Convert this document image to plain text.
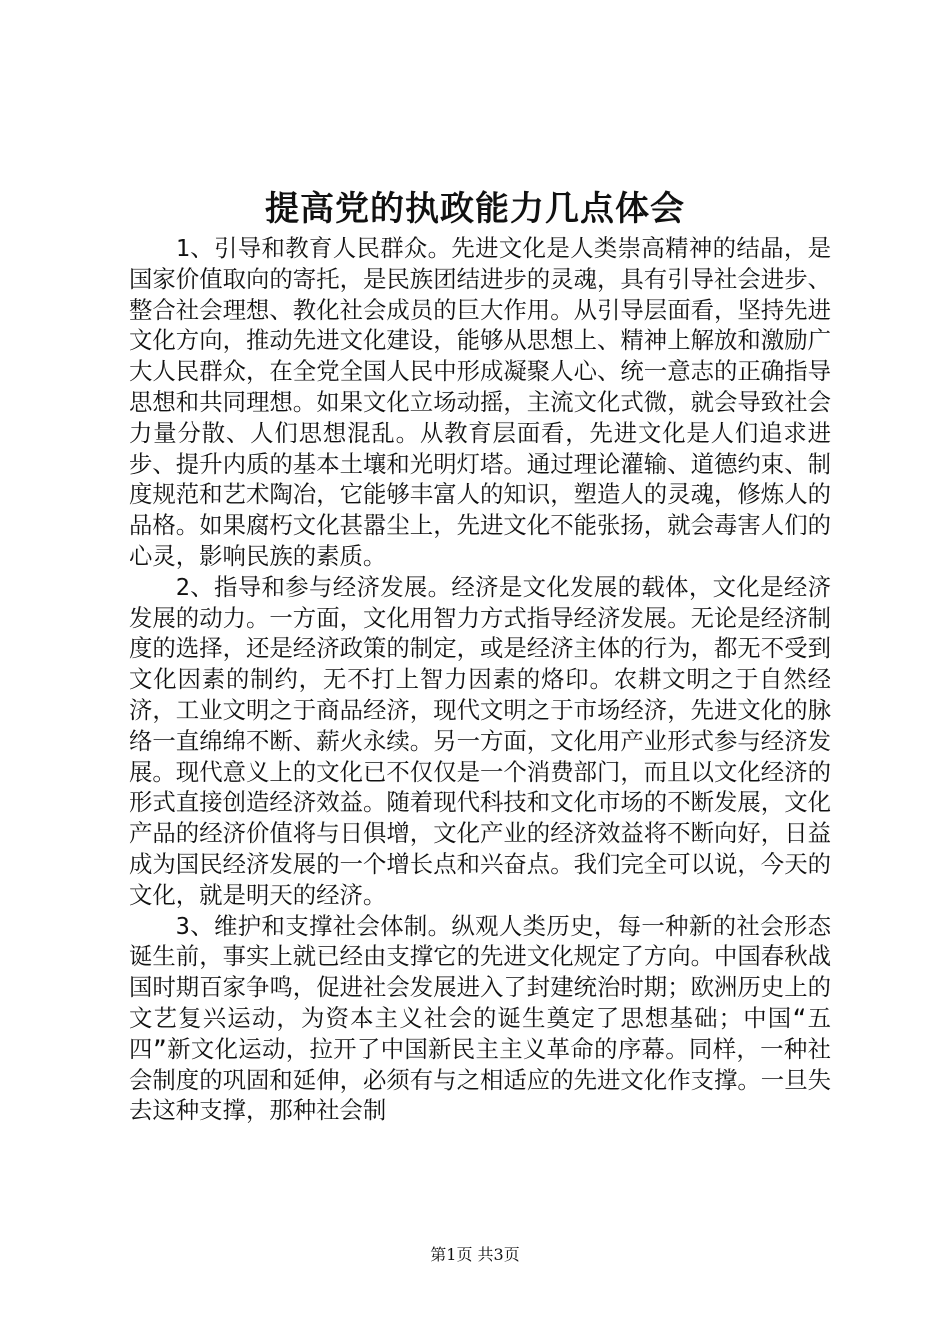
提高党的执政能力几点体会

1、引导和教育人民群众。先进文化是人类崇高精神的结晶，是国家价值取向的寄托，是民族团结进步的灵魂，具有引导社会进步、整合社会理想、教化社会成员的巨大作用。从引导层面看，坚持先进文化方向，推动先进文化建设，能够从思想上、精神上解放和激励广大人民群众，在全党全国人民中形成凝聚人心、统一意志的正确指导思想和共同理想。如果文化立场动摇，主流文化式微，就会导致社会力量分散、人们思想混乱。从教育层面看，先进文化是人们追求进步、提升内质的基本土壤和光明灯塔。通过理论灌输、道德约束、制度规范和艺术陶冶，它能够丰富人的知识，塑造人的灵魂，修炼人的品格。如果腐朽文化甚嚣尘上，先进文化不能张扬，就会毒害人们的心灵，影响民族的素质。

2、指导和参与经济发展。经济是文化发展的载体，文化是经济发展的动力。一方面，文化用智力方式指导经济发展。无论是经济制度的选择，还是经济政策的制定，或是经济主体的行为，都无不受到文化因素的制约，无不打上智力因素的烙印。农耕文明之于自然经济，工业文明之于商品经济，现代文明之于市场经济，先进文化的脉络一直绵绵不断、薪火永续。另一方面，文化用产业形式参与经济发展。现代意义上的文化已不仅仅是一个消费部门，而且以文化经济的形式直接创造经济效益。随着现代科技和文化市场的不断发展，文化产品的经济价值将与日俱增，文化产业的经济效益将不断向好，日益成为国民经济发展的一个增长点和兴奋点。我们完全可以说，今天的文化，就是明天的经济。

3、维护和支撑社会体制。纵观人类历史，每一种新的社会形态诞生前，事实上就已经由支撑它的先进文化规定了方向。中国春秋战国时期百家争鸣，促进社会发展进入了封建统治时期；欧洲历史上的文艺复兴运动，为资本主义社会的诞生奠定了思想基础；中国“五四”新文化运动，拉开了中国新民主主义革命的序幕。同样，一种社会制度的巩固和延伸，必须有与之相适应的先进文化作支撑。一旦失去这种支撑，那种社会制

第1页 共3页
